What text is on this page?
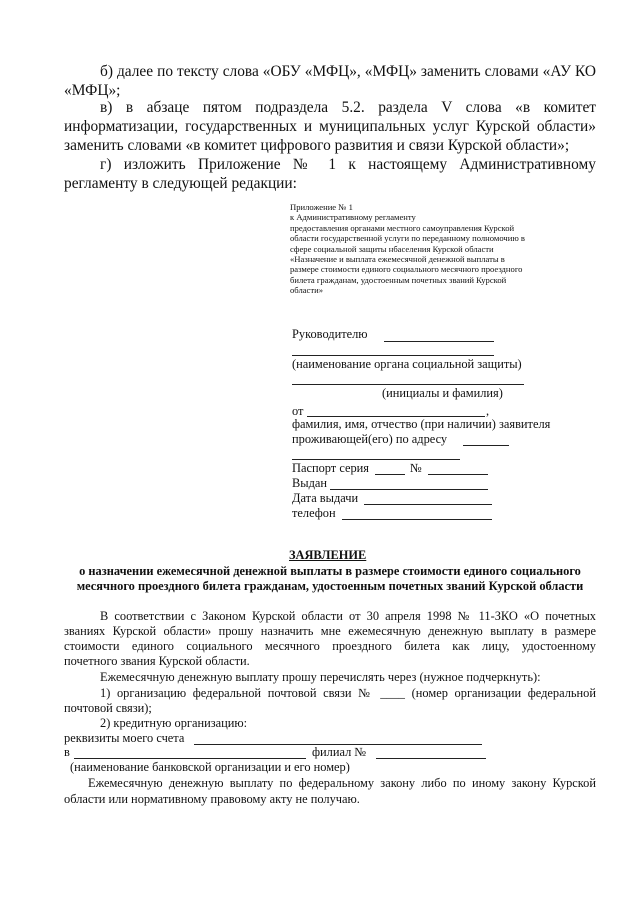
б) далее по тексту слова «ОБУ «МФЦ», «МФЦ» заменить словами «АУ КО
«МФЦ»;
в) в абзаце пятом подраздела 5.2. раздела V слова «в комитет
информатизации, государственных и муниципальных услуг Курской области»
заменить словами «в комитет цифрового развития и связи Курской области»;
г) изложить Приложение № 1 к настоящему Административному
регламенту в следующей редакции:
Приложение № 1
к Административному регламенту
предоставления органами местного самоуправления Курской
области государственной услуги по переданному полномочию в
сфере социальной защиты нбаселения Курской области
«Назначение и выплата ежемесячной денежной выплаты в
размере стоимости единого социального месячного проездного
билета гражданам, удостоенным почетных званий Курской
области»
Руководителю
(наименование органа социальной защиты)
(инициалы и фамилия)
от	,
фамилия, имя, отчество (при наличии) заявителя
проживающей(его) по адресу
Паспорт серия	№
Выдан
Дата выдачи
телефон
ЗАЯВЛЕНИЕ
о назначении ежемесячной денежной выплаты в размере стоимости единого социального
месячного проездного билета гражданам, удостоенным почетных званий Курской области
В соответствии с Законом Курской области от 30 апреля 1998 № 11-ЗКО «О почетных
званиях Курской области» прошу назначить мне ежемесячную денежную выплату в размере
стоимости единого социального месячного проездного билета как лицу, удостоенному
почетного звания Курской области.
Ежемесячную денежную выплату прошу перечислять через (нужное подчеркнуть):
1) организацию федеральной почтовой связи № ____ (номер организации федеральной
почтовой связи);
2) кредитную организацию:
реквизиты моего счета
в	филиал №
(наименование банковской организации и его номер)
Ежемесячную денежную выплату по федеральному закону либо по иному закону Курской
области или нормативному правовому акту не получаю.
